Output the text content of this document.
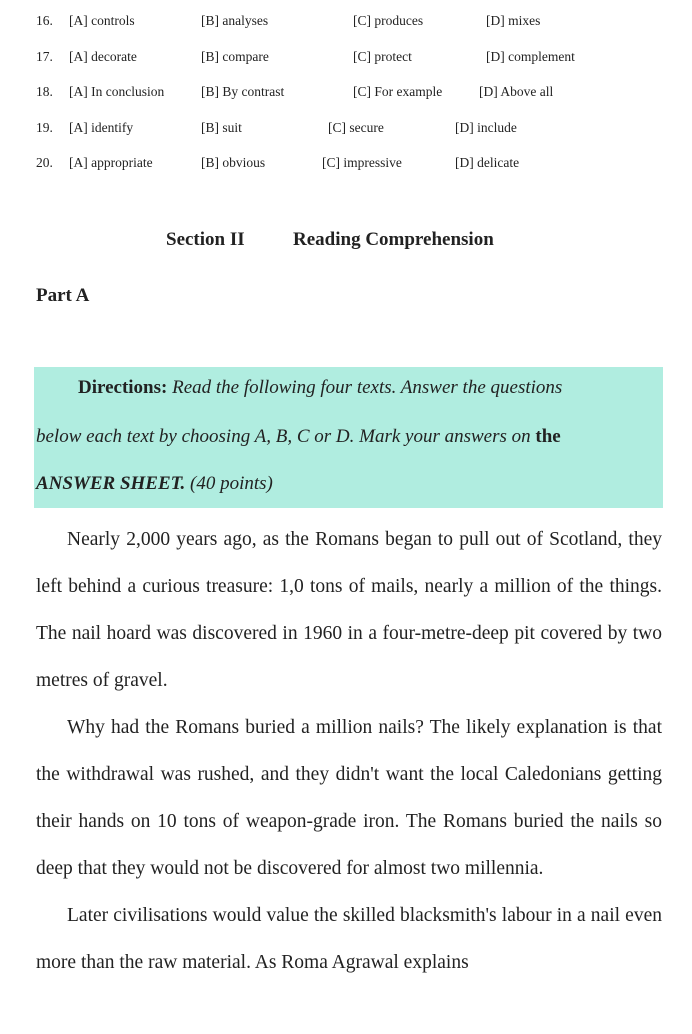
16. [A] controls	[B] analyses	[C] produces	[D] mixes
17. [A] decorate	[B] compare	[C] protect	[D] complement
18. [A] In conclusion	[B] By contrast	[C] For example	[D] Above all
19. [A] identify	[B] suit	[C] secure	[D] include
20. [A] appropriate	[B] obvious	[C] impressive	[D] delicate
Section II	Reading Comprehension
Part A
Directions: Read the following four texts. Answer the questions
below each text by choosing A, B, C or D. Mark your answers on the
ANSWER SHEET. (40 points)

Nearly 2,000 years ago, as the Romans began to pull out of Scotland, they left behind a curious treasure: 1,0 tons of mails, nearly a million of the things. The nail hoard was discovered in 1960 in a four-metre-deep pit covered by two metres of gravel.

Why had the Romans buried a million nails? The likely explanation is that the withdrawal was rushed, and they didn't want the local Caledonians getting their hands on 10 tons of weapon-grade iron. The Romans buried the nails so deep that they would not be discovered for almost two millennia.

Later civilisations would value the skilled blacksmith's labour in a nail even more than the raw material. As Roma Agrawal explains
